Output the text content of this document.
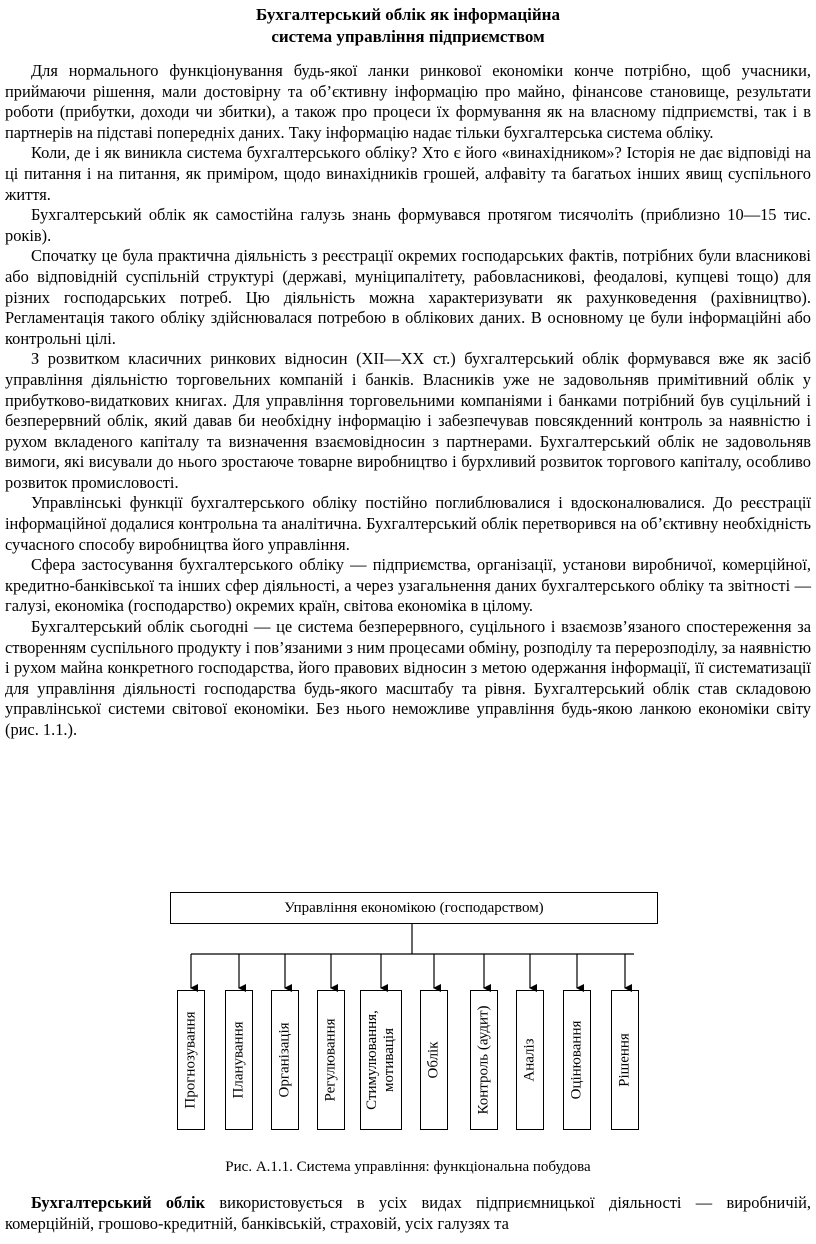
Бухгалтерський облік як інформаційна
система управління підприємством

Для нормального функціонування будь-якої ланки ринкової економіки конче потрібно, щоб учасники, приймаючи рішення, мали достовірну та об’єктивну інформацію про майно, фінансове становище, результати роботи (прибутки, доходи чи збитки), а також про процеси їх формування як на власному підприємстві, так і в партнерів на підставі попередніх даних. Таку інформацію надає тільки бухгалтерська система обліку.

Коли, де і як виникла система бухгалтерського обліку? Хто є його «винахідником»? Історія не дає відповіді на ці питання і на питання, як приміром, щодо винахідників грошей, алфавіту та багатьох інших явищ суспільного життя.

Бухгалтерський облік як самостійна галузь знань формувався протягом тисячоліть (приблизно 10—15 тис. років).

Спочатку це була практична діяльність з реєстрації окремих господарських фактів, потрібних були власникові або відповідній суспільній структурі (державі, муніципалітету, рабовласникові, феодалові, купцеві тощо) для різних господарських потреб. Цю діяльність можна характеризувати як рахунковедення (рахівництво). Регламентація такого обліку здійснювалася потребою в облікових даних. В основному це були інформаційні або контрольні цілі.

З розвитком класичних ринкових відносин (XII—XX ст.) бухгалтерський облік формувався вже як засіб управління діяльністю торговельних компаній і банків. Власників уже не задовольняв примітивний облік у прибутково-видаткових книгах. Для управління торговельними компаніями і банками потрібний був суцільний і безперервний облік, який давав би необхідну інформацію і забезпечував повсякденний контроль за наявністю і рухом вкладеного капіталу та визначення взаємовідносин з партнерами. Бухгалтерський облік не задовольняв вимоги, які висували до нього зростаюче товарне виробництво і бурхливий розвиток торгового капіталу, особливо розвиток промисловості.

Управлінські функції бухгалтерського обліку постійно поглиблювалися і вдосконалювалися. До реєстрації інформаційної додалися контрольна та аналітична. Бухгалтерський облік перетворився на об’єктивну необхідність сучасного способу виробництва його управління.

Сфера застосування бухгалтерського обліку — підприємства, організації, установи виробничої, комерційної, кредитно-банківської та інших сфер діяльності, а через узагальнення даних бухгалтерського обліку та звітності — галузі, економіка (господарство) окремих країн, світова економіка в цілому.

Бухгалтерський облік сьогодні — це система безперервного, суцільного і взаємозв’язаного спостереження за створенням суспільного продукту і пов’язаними з ним процесами обміну, розподілу та перерозподілу, за наявністю і рухом майна конкретного господарства, його правових відносин з метою одержання інформації, її систематизації для управління діяльності господарства будь-якого масштабу та рівня. Бухгалтерський облік став складовою управлінської системи світової економіки. Без нього неможливе управління будь-якою ланкою економіки світу (рис. 1.1.).

Управління економікою (господарством)
Прогнозування Планування Організація Регулювання Стимулювання, мотивація Облік Контроль (аудит) Аналіз Оцінювання Рішення
Рис. А.1.1. Система управління: функціональна побудова

Бухгалтерський облік використовується в усіх видах підприємницької діяльності — виробничій, комерційній, грошово-кредитній, банківській, страховій, усіх галузях та
